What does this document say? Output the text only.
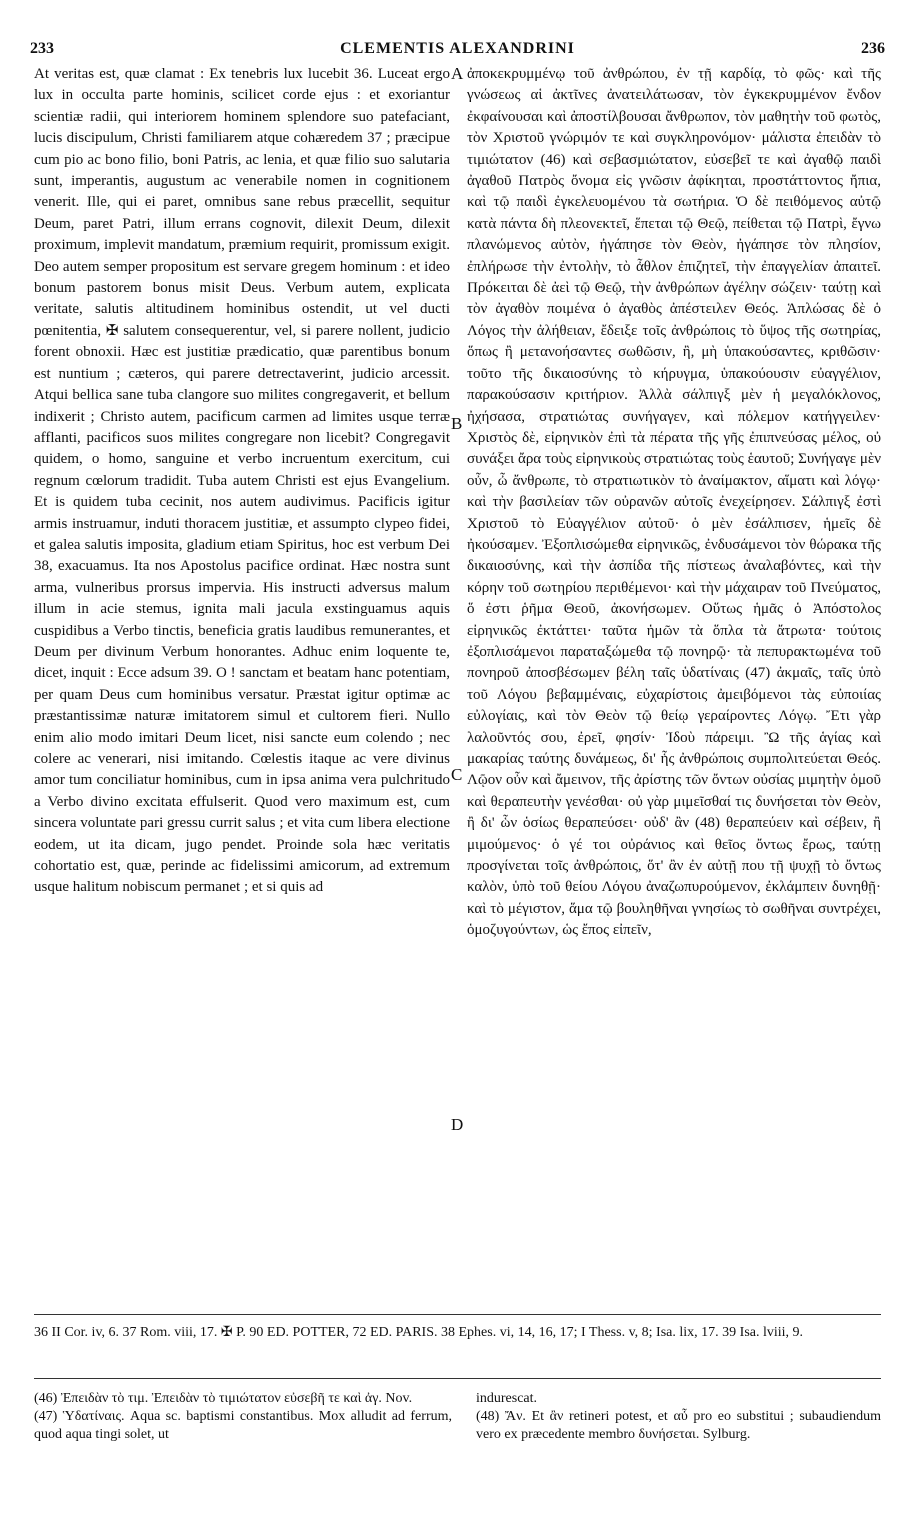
233	CLEMENTIS ALEXANDRINI	236

At veritas est, quæ clamat : Ex tenebris lux lucebit 36. Luceat ergo lux in occulta parte hominis, scilicet corde ejus : et exoriantur scientiæ radii, qui interiorem hominem splendore suo patefaciant, lucis discipulum, Christi familiarem atque cohæredem 37 ; præcipue cum pio ac bono filio, boni Patris, ac lenia, et quæ filio suo salutaria sunt, imperantis, augustum ac venerabile nomen in cognitionem venerit. Ille, qui ei paret, omnibus sane rebus præcellit, sequitur Deum, paret Patri, illum errans cognovit, dilexit Deum, dilexit proximum, implevit mandatum, præmium requirit, promissum exigit. Deo autem semper propositum est servare gregem hominum : et ideo bonum pastorem bonus misit Deus. Verbum autem, explicata veritate, salutis altitudinem hominibus ostendit, ut vel ducti pœnitentia, ✠ salutem consequerentur, vel, si parere nollent, judicio forent obnoxii. Hæc est justitiæ prædicatio, quæ parentibus bonum est nuntium ; cæteros, qui parere detrectaverint, judicio arcessit. Atqui bellica sane tuba clangore suo milites congregaverit, et bellum indixerit ; Christo autem, pacificum carmen ad limites usque terræ afflanti, pacificos suos milites congregare non licebit? Congregavit quidem, o homo, sanguine et verbo incruentum exercitum, cui regnum cœlorum tradidit. Tuba autem Christi est ejus Evangelium. Et is quidem tuba cecinit, nos autem audivimus. Pacificis igitur armis instruamur, induti thoracem justitiæ, et assumpto clypeo fidei, et galea salutis imposita, gladium etiam Spiritus, hoc est verbum Dei 38, exacuamus. Ita nos Apostolus pacifice ordinat. Hæc nostra sunt arma, vulneribus prorsus impervia. His instructi adversus malum illum in acie stemus, ignita mali jacula exstinguamus aquis cuspidibus a Verbo tinctis, beneficia gratis laudibus remunerantes, et Deum per divinum Verbum honorantes. Adhuc enim loquente te, dicet, inquit : Ecce adsum 39. O ! sanctam et beatam hanc potentiam, per quam Deus cum hominibus versatur. Præstat igitur optimæ ac præstantissimæ naturæ imitatorem simul et cultorem fieri. Nullo enim alio modo imitari Deum licet, nisi sancte eum colendo ; nec colere ac venerari, nisi imitando. Cœlestis itaque ac vere divinus amor tum conciliatur hominibus, cum in ipsa anima vera pulchritudo a Verbo divino excitata effulserit. Quod vero maximum est, cum sincera voluntate pari gressu currit salus ; et vita cum libera electione eodem, ut ita dicam, jugo pendet. Proinde sola hæc veritatis cohortatio est, quæ, perinde ac fidelissimi amicorum, ad extremum usque halitum nobiscum permanet ; et si quis ad

A
B
C
D

ἀποκεκρυμμένῳ τοῦ ἀνθρώπου, ἐν τῇ καρδίᾳ, τὸ φῶς· καὶ τῆς γνώσεως αἱ ἀκτῖνες ἀνατειλάτωσαν, τὸν ἐγκεκρυμμένον ἔνδον ἐκφαίνουσαι καὶ ἀποστίλβουσαι ἄνθρωπον, τὸν μαθητὴν τοῦ φωτὸς, τὸν Χριστοῦ γνώριμόν τε καὶ συγκληρονόμον· μάλιστα ἐπειδὰν τὸ τιμιώτατον (46) καὶ σεβασμιώτατον, εὐσεβεῖ τε καὶ ἀγαθῷ παιδὶ ἀγαθοῦ Πατρὸς ὄνομα εἰς γνῶσιν ἀφίκηται, προστάττοντος ἤπια, καὶ τῷ παιδὶ ἐγκελευομένου τὰ σωτήρια. Ὁ δὲ πειθόμενος αὐτῷ κατὰ πάντα δὴ πλεονεκτεῖ, ἕπεται τῷ Θεῷ, πείθεται τῷ Πατρὶ, ἔγνω πλανώμενος αὐτὸν, ἠγάπησε τὸν Θεὸν, ἠγάπησε τὸν πλησίον, ἐπλήρωσε τὴν ἐντολὴν, τὸ ἆθλον ἐπιζητεῖ, τὴν ἐπαγγελίαν ἀπαιτεῖ. Πρόκειται δὲ ἀεὶ τῷ Θεῷ, τὴν ἀνθρώπων ἀγέλην σώζειν· ταύτῃ καὶ τὸν ἀγαθὸν ποιμένα ὁ ἀγαθὸς ἀπέστειλεν Θεός. Ἁπλώσας δὲ ὁ Λόγος τὴν ἀλήθειαν, ἔδειξε τοῖς ἀνθρώποις τὸ ὕψος τῆς σωτηρίας, ὅπως ἢ μετανοήσαντες σωθῶσιν, ἢ, μὴ ὑπακούσαντες, κριθῶσιν· τοῦτο τῆς δικαιοσύνης τὸ κήρυγμα, ὑπακούουσιν εὐαγγέλιον, παρακούσασιν κριτήριον. Ἀλλὰ σάλπιγξ μὲν ἡ μεγαλόκλονος, ἠχήσασα, στρατιώτας συνήγαγεν, καὶ πόλεμον κατήγγειλεν· Χριστὸς δὲ, εἰρηνικὸν ἐπὶ τὰ πέρατα τῆς γῆς ἐπιπνεύσας μέλος, οὐ συνάξει ἄρα τοὺς εἰρηνικοὺς στρατιώτας τοὺς ἑαυτοῦ; Συνήγαγε μὲν οὖν, ὦ ἄνθρωπε, τὸ στρατιωτικὸν τὸ ἀναίμακτον, αἵματι καὶ λόγῳ· καὶ τὴν βασιλείαν τῶν οὐρανῶν αὐτοῖς ἐνεχείρησεν. Σάλπιγξ ἐστὶ Χριστοῦ τὸ Εὐαγγέλιον αὐτοῦ· ὁ μὲν ἐσάλπισεν, ἡμεῖς δὲ ἠκούσαμεν. Ἐξοπλισώμεθα εἰρηνικῶς, ἐνδυσάμενοι τὸν θώρακα τῆς δικαιοσύνης, καὶ τὴν ἀσπίδα τῆς πίστεως ἀναλαβόντες, καὶ τὴν κόρην τοῦ σωτηρίου περιθέμενοι· καὶ τὴν μάχαιραν τοῦ Πνεύματος, ὅ ἐστι ῥῆμα Θεοῦ, ἀκονήσωμεν. Οὕτως ἡμᾶς ὁ Ἀπόστολος εἰρηνικῶς ἐκτάττει· ταῦτα ἡμῶν τὰ ὅπλα τὰ ἄτρωτα· τούτοις ἐξοπλισάμενοι παραταξώμεθα τῷ πονηρῷ· τὰ πεπυρακτωμένα τοῦ πονηροῦ ἀποσβέσωμεν βέλη ταῖς ὑδατίναις (47) ἀκμαῖς, ταῖς ὑπὸ τοῦ Λόγου βεβαμμέναις, εὐχαρίστοις ἀμειβόμενοι τὰς εὐποιίας εὐλογίαις, καὶ τὸν Θεὸν τῷ θείῳ γεραίροντες Λόγῳ. Ἔτι γὰρ λαλοῦντός σου, ἐρεῖ, φησίν· Ἰδοὺ πάρειμι. Ὢ τῆς ἁγίας καὶ μακαρίας ταύτης δυνάμεως, δι' ἧς ἀνθρώποις συμπολιτεύεται Θεός. Λῷον οὖν καὶ ἄμεινον, τῆς ἀρίστης τῶν ὄντων οὐσίας μιμητὴν ὁμοῦ καὶ θεραπευτὴν γενέσθαι· οὐ γὰρ μιμεῖσθαί τις δυνήσεται τὸν Θεὸν, ἢ δι' ὧν ὁσίως θεραπεύσει· οὐδ' ἂν (48) θεραπεύειν καὶ σέβειν, ἢ μιμούμενος· ὁ γέ τοι οὐράνιος καὶ θεῖος ὄντως ἔρως, ταύτῃ προσγίνεται τοῖς ἀνθρώποις, ὅτ' ἂν ἐν αὐτῇ που τῇ ψυχῇ τὸ ὄντως καλὸν, ὑπὸ τοῦ θείου Λόγου ἀναζωπυρούμενον, ἐκλάμπειν δυνηθῇ· καὶ τὸ μέγιστον, ἅμα τῷ βουληθῆναι γνησίως τὸ σωθῆναι συντρέχει, ὁμοζυγούντων, ὡς ἔπος εἰπεῖν,

36 II Cor. iv, 6. 37 Rom. viii, 17. ✠ P. 90 ED. POTTER, 72 ED. PARIS. 38 Ephes. vi, 14, 16, 17; I Thess. v, 8; Isa. lix, 17. 39 Isa. lviii, 9.

(46) Ἐπειδὰν τὸ τιμ. Ἐπειδὰν τὸ τιμιώτατον εὐσεβῆ τε καὶ ἀγ. Nov.

(47) Ὑδατίναις. Aqua sc. baptismi constantibus. Mox alludit ad ferrum, quod aqua tingi solet, ut

indurescat.

(48) Ἄν. Et ἂν retineri potest, et αὖ pro eo substitui ; subaudiendum vero ex præcedente membro δυνήσεται. Sylburg.
